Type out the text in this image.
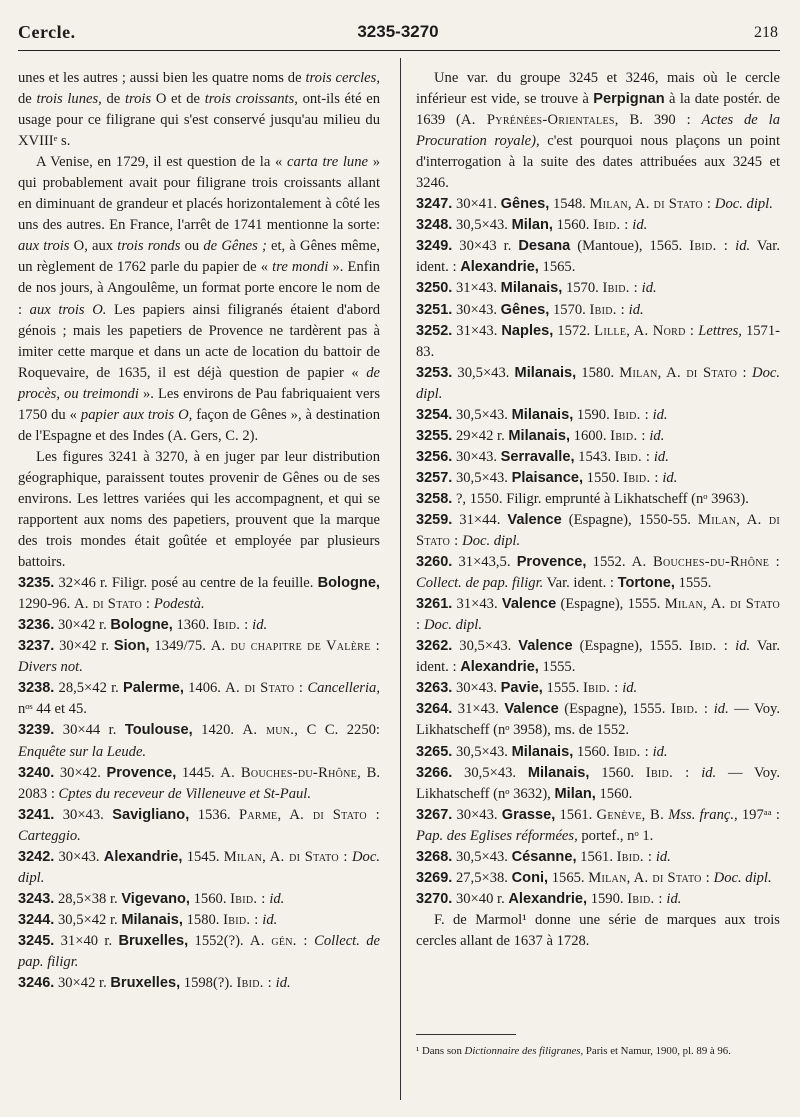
Cercle.	3235-3270	218

unes et les autres ; aussi bien les quatre noms de trois cercles, de trois lunes, de trois O et de trois croissants, ont-ils été en usage pour ce filigrane qui s'est conservé jusqu'au milieu du XVIIIᵉ s.

A Venise, en 1729, il est question de la « carta tre lune » qui probablement avait pour filigrane trois croissants allant en diminuant de grandeur et placés horizontalement à côté les uns des autres. En France, l'arrêt de 1741 mentionne la sorte: aux trois O, aux trois ronds ou de Gênes ; et, à Gênes même, un règlement de 1762 parle du papier de « tre mondi ». Enfin de nos jours, à Angoulême, un format porte encore le nom de : aux trois O. Les papiers ainsi filigranés étaient d'abord génois ; mais les papetiers de Provence ne tardèrent pas à imiter cette marque et dans un acte de location du battoir de Roquevaire, de 1635, il est déjà question de papier « de procès, ou treimondi ». Les environs de Pau fabriquaient vers 1750 du « papier aux trois O, façon de Gênes », à destination de l'Espagne et des Indes (A. Gers, C. 2).

Les figures 3241 à 3270, à en juger par leur distribution géographique, paraissent toutes provenir de Gênes ou de ses environs. Les lettres variées qui les accompagnent, et qui se rapportent aux noms des papetiers, prouvent que la marque des trois mondes était goûtée et employée par plusieurs battoirs.

3235. 32×46 r. Filigr. posé au centre de la feuille. Bologne, 1290-96. A. di Stato : Podestà.

3236. 30×42 r. Bologne, 1360. Ibid. : id.

3237. 30×42 r. Sion, 1349/75. A. du chapitre de Valère : Divers not.

3238. 28,5×42 r. Palerme, 1406. A. di Stato : Cancelleria, nᵒˢ 44 et 45.

3239. 30×44 r. Toulouse, 1420. A. mun., C C. 2250: Enquête sur la Leude.

3240. 30×42. Provence, 1445. A. Bouches-du-Rhône, B. 2083 : Cptes du receveur de Villeneuve et St-Paul.

3241. 30×43. Savigliano, 1536. Parme, A. di Stato : Carteggio.

3242. 30×43. Alexandrie, 1545. Milan, A. di Stato : Doc. dipl.

3243. 28,5×38 r. Vigevano, 1560. Ibid. : id.

3244. 30,5×42 r. Milanais, 1580. Ibid. : id.

3245. 31×40 r. Bruxelles, 1552(?). A. gén. : Collect. de pap. filigr.

3246. 30×42 r. Bruxelles, 1598(?). Ibid. : id.

Une var. du groupe 3245 et 3246, mais où le cercle inférieur est vide, se trouve à Perpignan à la date postér. de 1639 (A. Pyrénées-Orientales, B. 390 : Actes de la Procuration royale), c'est pourquoi nous plaçons un point d'interrogation à la suite des dates attribuées aux 3245 et 3246.

3247. 30×41. Gênes, 1548. Milan, A. di Stato : Doc. dipl.

3248. 30,5×43. Milan, 1560. Ibid. : id.

3249. 30×43 r. Desana (Mantoue), 1565. Ibid. : id. Var. ident. : Alexandrie, 1565.

3250. 31×43. Milanais, 1570. Ibid. : id.

3251. 30×43. Gênes, 1570. Ibid. : id.

3252. 31×43. Naples, 1572. Lille, A. Nord : Lettres, 1571-83.

3253. 30,5×43. Milanais, 1580. Milan, A. di Stato : Doc. dipl.

3254. 30,5×43. Milanais, 1590. Ibid. : id.

3255. 29×42 r. Milanais, 1600. Ibid. : id.

3256. 30×43. Serravalle, 1543. Ibid. : id.

3257. 30,5×43. Plaisance, 1550. Ibid. : id.

3258. ?, 1550. Filigr. emprunté à Likhatscheff (nᵒ 3963).

3259. 31×44. Valence (Espagne), 1550-55. Milan, A. di Stato : Doc. dipl.

3260. 31×43,5. Provence, 1552. A. Bouches-du-Rhône : Collect. de pap. filigr. Var. ident. : Tortone, 1555.

3261. 31×43. Valence (Espagne), 1555. Milan, A. di Stato : Doc. dipl.

3262. 30,5×43. Valence (Espagne), 1555. Ibid. : id. Var. ident. : Alexandrie, 1555.

3263. 30×43. Pavie, 1555. Ibid. : id.

3264. 31×43. Valence (Espagne), 1555. Ibid. : id. — Voy. Likhatscheff (nᵒ 3958), ms. de 1552.

3265. 30,5×43. Milanais, 1560. Ibid. : id.

3266. 30,5×43. Milanais, 1560. Ibid. : id. — Voy. Likhatscheff (nᵒ 3632), Milan, 1560.

3267. 30×43. Grasse, 1561. Genève, B. Mss. franç., 197ᵃᵃ : Pap. des Eglises réformées, portef., nᵒ 1.

3268. 30,5×43. Césanne, 1561. Ibid. : id.

3269. 27,5×38. Coni, 1565. Milan, A. di Stato : Doc. dipl.

3270. 30×40 r. Alexandrie, 1590. Ibid. : id.

F. de Marmol¹ donne une série de marques aux trois cercles allant de 1637 à 1728.

¹ Dans son Dictionnaire des filigranes, Paris et Namur, 1900, pl. 89 à 96.
